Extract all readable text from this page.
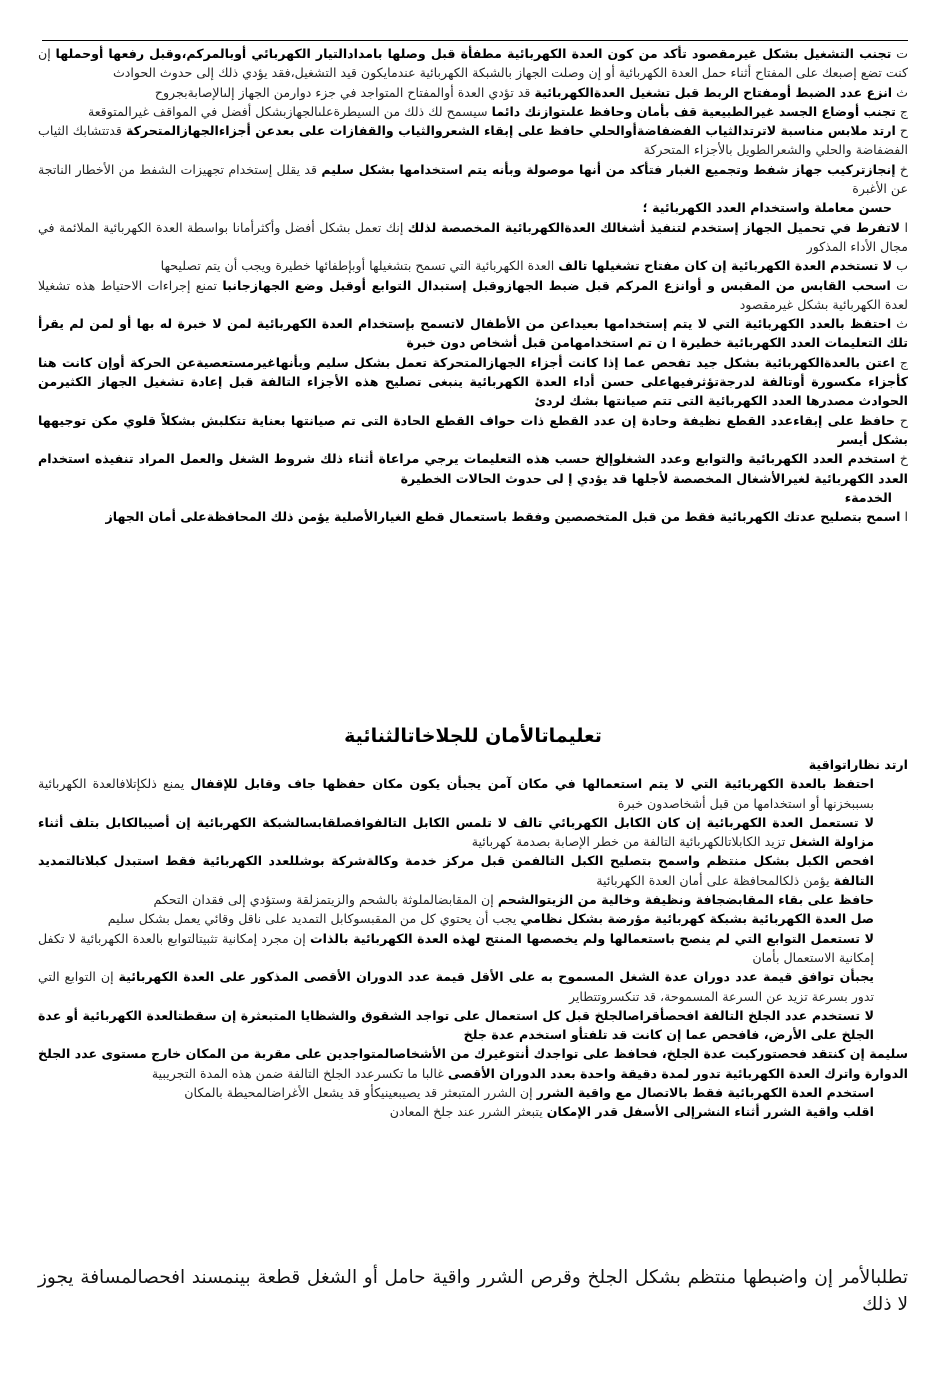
ت تجنب التشغيل بشكل غيرمقصود تأكد من كون العدة الكهربائية مطفأة قبل وصلها بامدادالتيار الكهربائي أوبالمركم،وقبل رفعها أوحملها إن كنت تضع إصبعك على المفتاح أثناء حمل العدة الكهربائية أو إن وصلت الجهاز بالشبكة الكهربائية عندمايكون قيد التشغيل،فقد يؤدي ذلك إلى حدوث الحوادث

ث انزع عدد الضبط أومفتاح الربط قبل تشغيل العدةالكهربائية قد تؤدي العدة أوالمفتاح المتواجد في جزء دوارمن الجهاز إلىالإصابةبجروح

ج تجنب أوضاع الجسد غيرالطبيعية قف بأمان وحافظ علىتوازنك دائما سيسمح لك ذلك من السيطرةعلىالجهازبشكل أفضل في المواقف غيرالمتوقعة

ح ارتد ملابس مناسبة لاترتدالثياب الفضفاضةأوالحلي حافظ على إبقاء الشعروالثياب والقفازات على بعدعن أجزاءالجهازالمتحركة قدتتشابك الثياب الفضفاضة والحلي والشعرالطويل بالأجزاء المتحركة

خ إنجازتركيب جهاز شفط وتجميع الغبار فتأكد من أنها موصولة وبأنه يتم استخدامها بشكل سليم قد يقلل إستخدام تجهيزات الشفط من الأخطار الناتجة عن الأغبرة

حسن معاملة واستخدام العدد الكهربائية ؛

ا لاتفرط في تحميل الجهاز إستخدم لتنفيذ أشغالك العدةالكهربائية المخصصة لذلك إنك تعمل بشكل أفضل وأكثرأمانا بواسطة العدة الكهربائية الملائمة في مجال الأداء المذكور

ب لا تستخدم العدة الكهربائية إن كان مفتاح تشغيلها تالف العدة الكهربائية التي تسمح بتشغيلها أوبإطفائها خطيرة ويجب أن يتم تصليحها

ت اسحب القابس من المقبس و أوانزع المركم قبل ضبط الجهازوقبل إستبدال التوابع أوقبل وضع الجهازجانبا تمنع إجراءات الاحتياط هذه تشغيلا لعدة الكهربائية بشكل غيرمقصود

ث احتفظ بالعدد الكهربائية التي لا يتم إستخدامها بعيداعن من الأطفال لاتسمح بإستخدام العدة الكهربائية لمن لا خبرة له بها أو لمن لم يقرأ تلك التعليمات العدد الكهربائية خطيرة ا ن تم استخدامهامن قبل أشخاص دون خبرة

ج اعتن بالعدةالكهربائية بشكل جيد تفحص عما إذا كانت أجزاء الجهازالمتحركة تعمل بشكل سليم وبأنهاغيرمستعصيةعن الحركة أوإن كانت هنا كأجزاء مكسورة أوتالفة لدرجةتؤثرفيهاعلى حسن أداء العدة الكهربائية ينبغى تصليح هذه الأجزاء التالفة قبل إعادة تشغيل الجهاز الكثيرمن الحوادث مصدرها العدد الكهربائية التى تتم صيانتها بشك لردئ

ح حافظ على إبقاءعدد القطع نظيفة وحادة إن عدد القطع ذات حواف القطع الحادة التى تم صيانتها بعناية تتكلبش بشكلاً قلوي مكن توجيهها بشكل أيسر

خ استخدم العدد الكهربائية والتوابع وعدد الشغلوإلخ حسب هذه التعليمات يرجي مراعاة أثناء ذلك شروط الشغل والعمل المراد تنفيذه استخدام العدد الكهربائية لغيرالأشغال المخصصة لأجلها قد يؤدي إ لى حدوث الحالات الخطيرة

الخدمةء

ا اسمح بتصليح عدتك الكهربائية فقط من قبل المتخصصين وفقط باستعمال قطع الغيارالأصلية يؤمن ذلك المحافظةعلى أمان الجهاز

تعليماتالأمان للجلاخاتالثنائية

ارتد نظاراتواقية

احتفظ بالعدة الكهربائية التي لا يتم استعمالها في مكان آمن يجبأن يكون مكان حفظها جاف وقابل للإقفال يمنع ذلكإتلافالعدة الكهربائية بسببخزنها أو استخدامها من قبل أشخاصدون خبرة

لا تستعمل العدة الكهربائية إن كان الكابل الكهربائي تالف لا تلمس الكابل التالفوافصلقابسالشبكة الكهربائية إن أصيبالكابل بتلف أثناء مزاولة الشغل تزيد الكابلاتالكهربائية التالفة من خطر الإصابة بصدمة كهربائية

افحص الكبل بشكل منتظم واسمح بتصليح الكبل التالفمن قبل مركز خدمة وكالةشركة بوشللعدد الكهربائية فقط استبدل كبلاتالتمديد التالفة يؤمن ذلكالمحافظة على أمان العدة الكهربائية

حافظ على بقاء المقابضجافة ونظيفة وخالية من الزيتوالشحم إن المقابضالملوثة بالشحم والزيتمزلقة وستؤدي إلى فقدان التحكم

صل العدة الكهربائية بشبكة كهربائية مؤرضة بشكل نظامي يجب أن يحتوي كل من المقبسوكابل التمديد على ناقل وقائي يعمل بشكل سليم

لا تستعمل التوابع التي لم ينصح باستعمالها ولم يخصصها المنتج لهذه العدة الكهربائية بالذات إن مجرد إمكانية تثبيتالتوابع بالعدة الكهربائية لا تكفل إمكانية الاستعمال بأمان

يجبأن توافق قيمة عدد دوران عدة الشغل المسموح به على الأقل قيمة عدد الدوران الأقصى المذكور على العدة الكهربائية إن التوابع التي تدور بسرعة تزيد عن السرعة المسموحة، قد تنكسروتتطاير

لا تستخدم عدد الجلخ التالفة افحصأقراصالجلخ قبل كل استعمال على تواجد الشقوق والشظايا المتبعثرة إن سقطتالعدة الكهربائية أو عدة الجلخ على الأرض، فافحص عما إن كانت قد تلفتأو استخدم عدة جلخ

سليمة إن كنتقد فحصتوركبت عدة الجلخ، فحافظ على تواجدك أنتوغيرك من الأشخاصالمتواجدين على مقربة من المكان خارج مستوى عدد الجلخ الدوارة واترك العدة الكهربائية تدور لمدة دقيقة واحدة بعدد الدوران الأقصى غالبا ما تكسرعدد الجلخ التالفة ضمن هذه المدة التجريبية

استخدم العدة الكهربائية فقط بالاتصال مع واقية الشرر إن الشرر المتبعثر قد يصيبعينيكأو قد يشعل الأغراضالمحيطة بالمكان

اقلب واقية الشرر أثناء النشرإلى الأسفل قدر الإمكان يتبعثر الشرر عند جلخ المعادن

تطلبالأمر إن واضبطها منتظم بشكل الجلخ وقرص الشرر واقية حامل أو الشغل قطعة بينمسند افحصالمسافة يجوز لا ذلك
